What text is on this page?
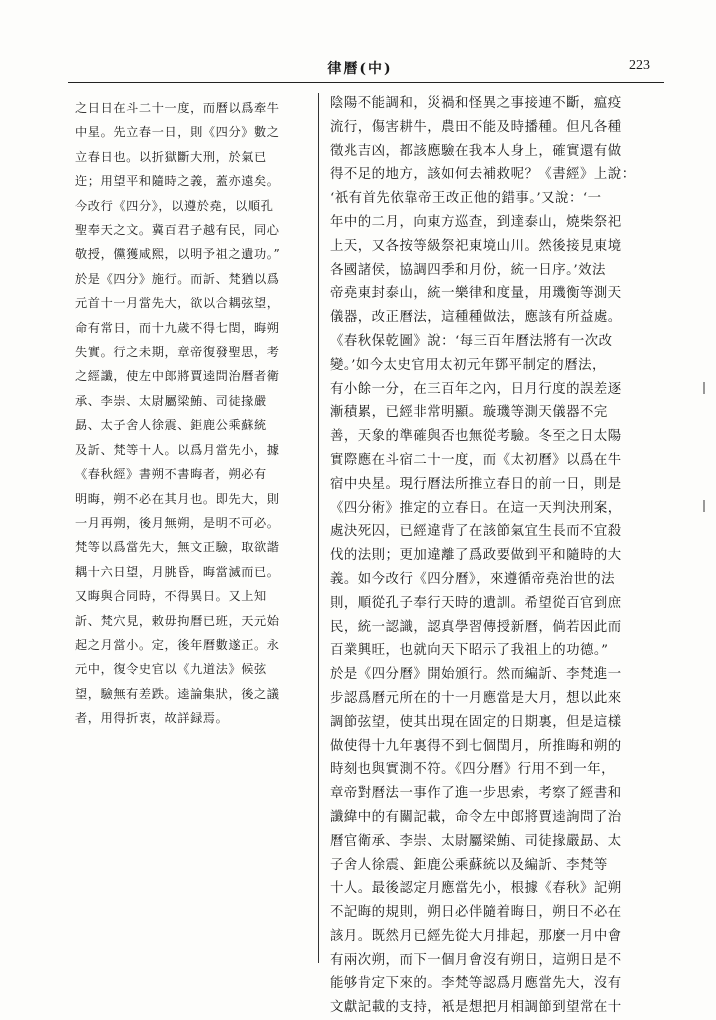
律曆(中)	223
之日日在斗二十一度，而曆以爲牽牛
中星。先立春一日，則《四分》數之
立春日也。以折獄斷大刑，於氣已
迕；用望平和隨時之義，蓋亦遠矣。
今改行《四分》，以遵於堯，以順孔
聖奉天之文。冀百君子越有民，同心
敬授，儻獲咸熙，以明予祖之遺功。”
於是《四分》施行。而訢、梵猶以爲
元首十一月當先大，欲以合耦弦望，
命有常日，而十九歲不得七閏，晦朔
失實。行之未期，章帝復發聖思，考
之經讖，使左中郎將賈逵問治曆者衛
承、李崇、太尉屬梁鮪、司徒掾嚴
勗、太子舍人徐震、鉅鹿公乘蘇統
及訢、梵等十人。以爲月當先小，據
《春秋經》書朔不書晦者，朔必有
明晦，朔不必在其月也。即先大，則
一月再朔，後月無朔，是明不可必。
梵等以爲當先大，無文正驗，取欲諧
耦十六日望，月朓昏，晦當滅而已。
又晦與合同時，不得異日。又上知
訢、梵穴見，敕毋拘曆已班，天元始
起之月當小。定，後年曆數遂正。永
元中，復令史官以《九道法》候弦
望，驗無有差跌。逵論集狀，後之議
者，用得折衷，故詳録焉。
陰陽不能調和，災禍和怪異之事接連不斷，瘟疫
流行，傷害耕牛，農田不能及時播種。但凡各種
徵兆吉凶，都該應驗在我本人身上，確實還有做
得不足的地方，該如何去補救呢？《書經》上說：
‘祇有首先依靠帝王改正他的錯事。’又說：‘一
年中的二月，向東方巡查，到達泰山，燒柴祭祀
上天，又各按等級祭祀東境山川。然後接見東境
各國諸侯，協調四季和月份，統一日序。’效法
帝堯東封泰山，統一樂律和度量，用璣衡等測天
儀器，改正曆法，這種種做法，應該有所益處。
《春秋保乾圖》說：‘每三百年曆法將有一次改
變。’如今太史官用太初元年鄧平制定的曆法，
有小餘一分，在三百年之內，日月行度的誤差逐
漸積累，已經非常明顯。璇璣等測天儀器不完
善，天象的準確與否也無從考驗。冬至之日太陽
實際應在斗宿二十一度，而《太初曆》以爲在牛
宿中央星。現行曆法所推立春日的前一日，則是
《四分術》推定的立春日。在這一天判決刑案，
處決死囚，已經違背了在該節氣宜生長而不宜殺
伐的法則；更加違離了爲政要做到平和隨時的大
義。如今改行《四分曆》，來遵循帝堯治世的法
則，順從孔子奉行天時的遺訓。希望從百官到庶
民，統一認識，認真學習傳授新曆，倘若因此而
百業興旺，也就向天下昭示了我祖上的功德。”
於是《四分曆》開始頒行。然而編訢、李梵進一
步認爲曆元所在的十一月應當是大月，想以此來
調節弦望，使其出現在固定的日期裏，但是這樣
做使得十九年裏得不到七個閏月，所推晦和朔的
時刻也與實測不符。《四分曆》行用不到一年，
章帝對曆法一事作了進一步思索，考察了經書和
讖緯中的有關記載，命令左中郎將賈逵詢問了治
曆官衛承、李崇、太尉屬梁鮪、司徒掾嚴勗、太
子舍人徐震、鉅鹿公乘蘇統以及編訢、李梵等
十人。最後認定月應當先小，根據《春秋》記朔
不記晦的規則，朔日必伴隨着晦日，朔日不必在
該月。既然月已經先從大月排起，那麼一月中會
有兩次朔，而下一個月會沒有朔日，這朔日是不
能够肯定下來的。李梵等認爲月應當先大，沒有
文獻記載的支持，衹是想把月相調節到望常在十
